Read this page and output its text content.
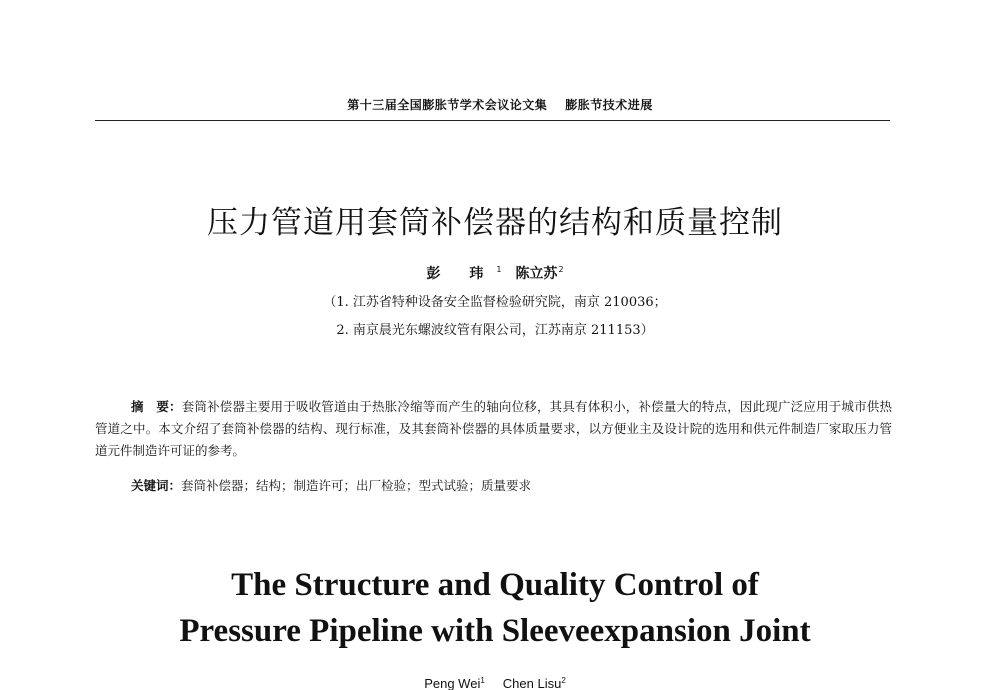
第十三届全国膨胀节学术会议论文集 膨胀节技术进展
压力管道用套筒补偿器的结构和质量控制
彭 玮$^1$ 陈立苏$^2$
（1. 江苏省特种设备安全监督检验研究院，南京 210036；
2. 南京晨光东螺波纹管有限公司，江苏南京 211153）

摘　要：套筒补偿器主要用于吸收管道由于热胀冷缩等而产生的轴向位移，其具有体积小，补偿量大的特点，因此现广泛应用于城市供热管道之中。本文介绍了套筒补偿器的结构、现行标准，及其套筒补偿器的具体质量要求，以方便业主及设计院的选用和供元件制造厂家取压力管道元件制造许可证的参考。

关键词：套筒补偿器；结构；制造许可；出厂检验；型式试验；质量要求
The Structure and Quality Control of
Pressure Pipeline with Sleeveexpansion Joint
Peng Wei$^1$ Chen Lisu$^2$
